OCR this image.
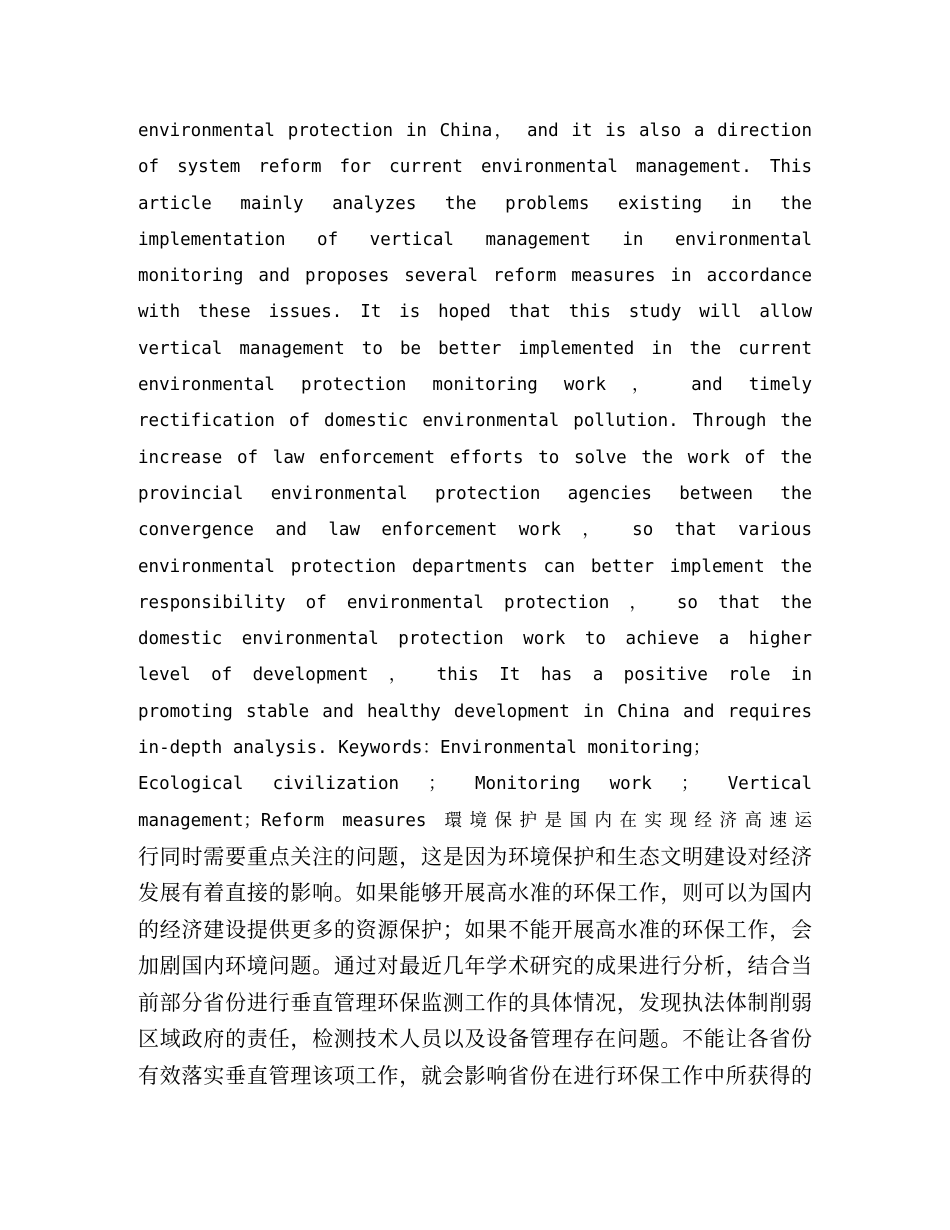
environmental protection in China， and it is also a direction
of system reform for current environmental management. This
article mainly analyzes the problems existing in the
implementation of vertical management in environmental
monitoring and proposes several reform measures in accordance
with these issues. It is hoped that this study will allow
vertical management to be better implemented in the current
environmental protection monitoring work ， and timely
rectification of domestic environmental pollution. Through the
increase of law enforcement efforts to solve the work of the
provincial environmental protection agencies between the
convergence and law enforcement work ， so that various
environmental protection departments can better implement the
responsibility of environmental protection ， so that the
domestic environmental protection work to achieve a higher
level of development ， this It has a positive role in
promoting stable and healthy development in China and requires
in-depth analysis. Keywords：Environmental monitoring；
Ecological civilization ； Monitoring work ； Vertical
management；Reform measures 環境保护是国内在实现经济高速运
行同时需要重点关注的问题，这是因为环境保护和生态文明建设对经济
发展有着直接的影响。如果能够开展高水准的环保工作，则可以为国内
的经济建设提供更多的资源保护；如果不能开展高水准的环保工作，会
加剧国内环境问题。通过对最近几年学术研究的成果进行分析，结合当
前部分省份进行垂直管理环保监测工作的具体情况，发现执法体制削弱
区域政府的责任，检测技术人员以及设备管理存在问题。不能让各省份
有效落实垂直管理该项工作，就会影响省份在进行环保工作中所获得的
